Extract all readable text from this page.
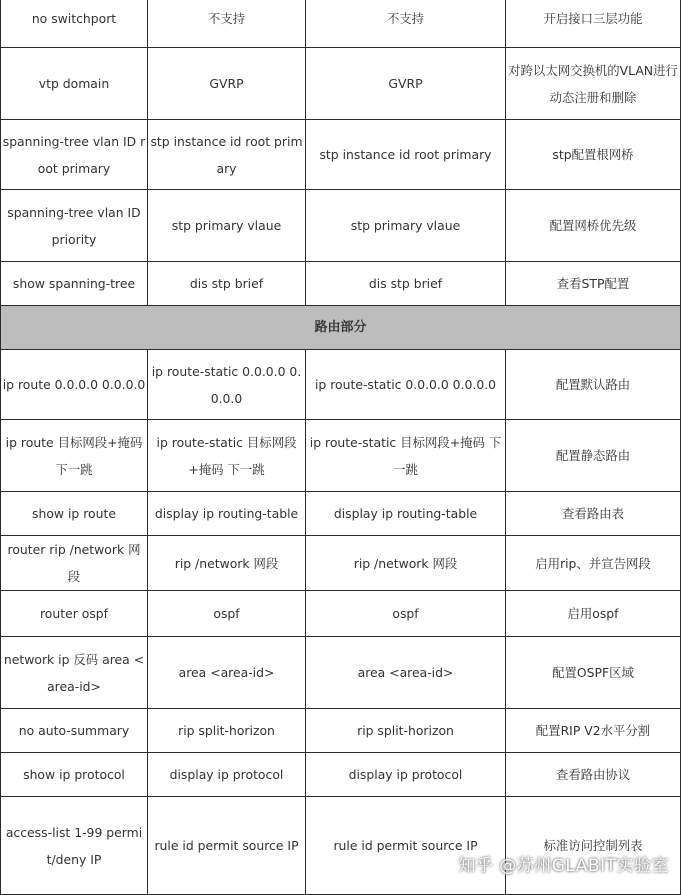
no switchport	不支持	不支持	开启接口三层功能
vtp domain	GVRP	GVRP	对跨以太网交换机的VLAN进行动态注册和删除
spanning-tree vlan ID root primary	stp instance id root primary	stp instance id root primary	stp配置根网桥
spanning-tree vlan ID priority	stp primary vlaue	stp primary vlaue	配置网桥优先级
show spanning-tree	dis stp brief	dis stp brief	查看STP配置
路由部分			
ip route 0.0.0.0 0.0.0.0	ip route-static 0.0.0.0 0.0.0.0	ip route-static 0.0.0.0 0.0.0.0	配置默认路由
ip route 目标网段+掩码 下一跳	ip route-static 目标网段+掩码 下一跳	ip route-static 目标网段+掩码 下一跳	配置静态路由
show ip route	display ip routing-table	display ip routing-table	查看路由表
router rip /network 网段	rip /network 网段	rip /network 网段	启用rip、并宣告网段
router ospf	ospf	ospf	启用ospf
network ip 反码 area <area-id>	area <area-id>	area <area-id>	配置OSPF区域
no auto-summary	rip split-horizon	rip split-horizon	配置RIP V2水平分割
show ip protocol	display ip protocol	display ip protocol	查看路由协议
access-list 1-99 permit/deny IP	rule id permit source IP	rule id permit source IP	标准访问控制列表
知乎 @苏州GLABIT实验室
